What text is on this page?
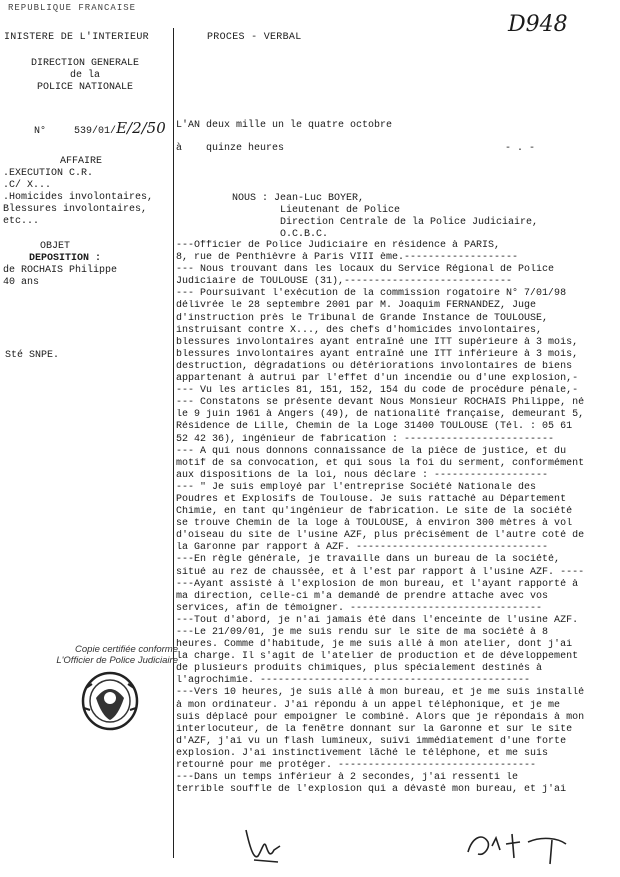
REPUBLIQUE FRANCAISE
INISTERE DE L'INTERIEUR	PROCES - VERBAL
D948
DIRECTION GENERALE
de la
POLICE NATIONALE
N°	539/01/E/2/50
AFFAIRE
.EXECUTION C.R.
.C/ X...
.Homicides involontaires,
Blessures involontaires,
etc...
OBJET
DEPOSITION :
de ROCHAIS Philippe
40 ans
Sté SNPE.
Copie certifiée conforme
L'Officier de Police Judiciaire
L'AN deux mille un le quatre octobre
à quinze heures	- . -
NOUS : Jean-Luc BOYER,
Lieutenant de Police
Direction Centrale de la Police Judiciaire,
O.C.B.C.
---Officier de Police Judiciaire en résidence à PARIS,
8, rue de Penthièvre à Paris VIII ème.-------------------
--- Nous trouvant dans les locaux du Service Régional de Police
Judiciaire de TOULOUSE (31),----------------------------
--- Poursuivant l'exécution de la commission rogatoire N° 7/01/98
délivrée le 28 septembre 2001 par M. Joaquim FERNANDEZ, Juge
d'instruction près le Tribunal de Grande Instance de TOULOUSE,
instruisant contre X..., des chefs d'homicides involontaires,
blessures involontaires ayant entraîné une ITT supérieure à 3 mois,
blessures involontaires ayant entraîné une ITT inférieure à 3 mois,
destruction, dégradations ou détériorations involontaires de biens
appartenant à autrui par l'effet d'un incendie ou d'une explosion,-
--- Vu les articles 81, 151, 152, 154 du code de procédure pénale,-
--- Constatons se présente devant Nous Monsieur ROCHAIS Philippe, né
le 9 juin 1961 à Angers (49), de nationalité française, demeurant 5,
Résidence de Lille, Chemin de la Loge 31400 TOULOUSE (Tél. : 05 61
52 42 36), ingénieur de fabrication : -------------------------
--- A qui nous donnons connaissance de la pièce de justice, et du
motif de sa convocation, et qui sous la foi du serment, conformément
aux dispositions de la loi, nous déclare : -------------------
--- " Je suis employé par l'entreprise Société Nationale des
Poudres et Explosifs de Toulouse. Je suis rattaché au Département
Chimie, en tant qu'ingénieur de fabrication. Le site de la société
se trouve Chemin de la loge à TOULOUSE, à environ 300 mètres à vol
d'oiseau du site de l'usine AZF, plus précisément de l'autre coté de
la Garonne par rapport à AZF. --------------------------------
---En règle générale, je travaille dans un bureau de la société,
situé au rez de chaussée, et à l'est par rapport à l'usine AZF. ----
---Ayant assisté à l'explosion de mon bureau, et l'ayant rapporté à
ma direction, celle-ci m'a demandé de prendre attache avec vos
services, afin de témoigner. --------------------------------
---Tout d'abord, je n'ai jamais été dans l'enceinte de l'usine AZF.
---Le 21/09/01, je me suis rendu sur le site de ma société à 8
heures. Comme d'habitude, je me suis allé à mon atelier, dont j'ai
la charge. Il s'agit de l'atelier de production et de développement
de plusieurs produits chimiques, plus spécialement destinés à
l'agrochimie. ---------------------------------------------
---Vers 10 heures, je suis allé à mon bureau, et je me suis installé
à mon ordinateur. J'ai répondu à un appel téléphonique, et je me
suis déplacé pour empoigner le combiné. Alors que je répondais à mon
interlocuteur, de la fenêtre donnant sur la Garonne et sur le site
d'AZF, j'ai vu un flash lumineux, suivi immédiatement d'une forte
explosion. J'ai instinctivement lâché le téléphone, et me suis
retourné pour me protéger. ---------------------------------
---Dans un temps inférieur à 2 secondes, j'ai ressenti le
terrible souffle de l'explosion qui a dévasté mon bureau, et j'ai
